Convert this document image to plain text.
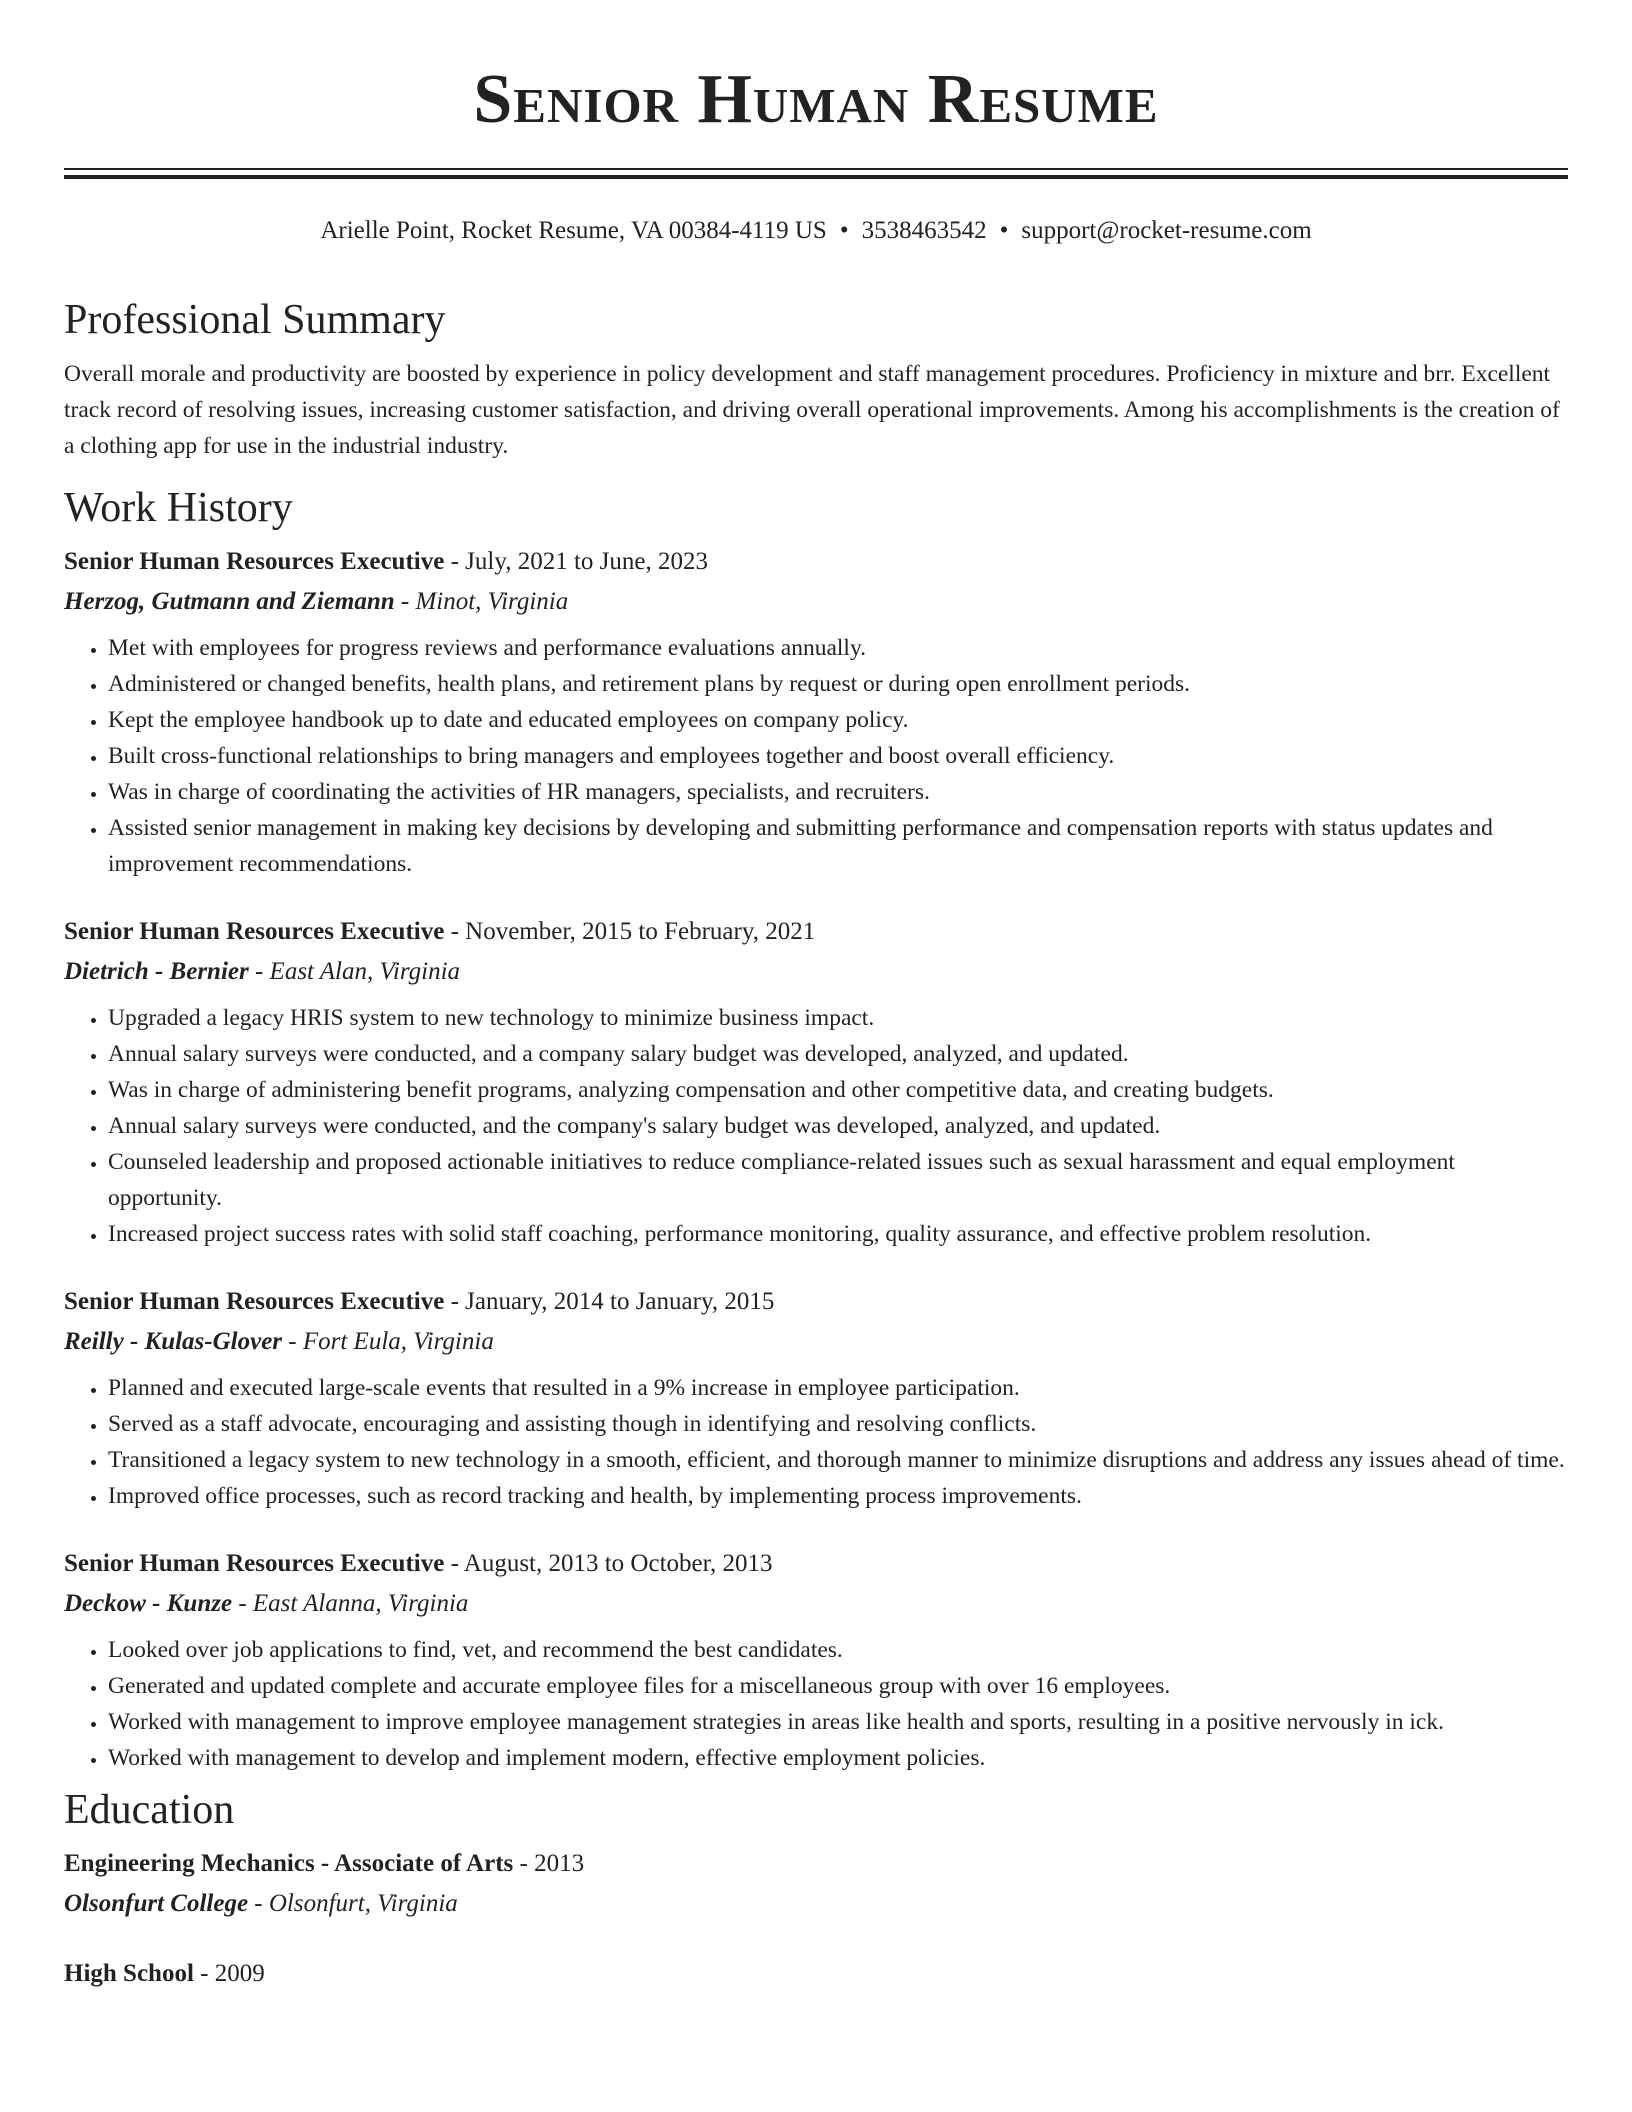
Senior Human Resume
Arielle Point, Rocket Resume, VA 00384-4119 US • 3538463542 • support@rocket-resume.com
Professional Summary

Overall morale and productivity are boosted by experience in policy development and staff management procedures. Proficiency in mixture and brr. Excellent track record of resolving issues, increasing customer satisfaction, and driving overall operational improvements. Among his accomplishments is the creation of a clothing app for use in the industrial industry.

Work History

Senior Human Resources Executive - July, 2021 to June, 2023

Herzog, Gutmann and Ziemann - Minot, Virginia

• Met with employees for progress reviews and performance evaluations annually.
• Administered or changed benefits, health plans, and retirement plans by request or during open enrollment periods.
• Kept the employee handbook up to date and educated employees on company policy.
• Built cross-functional relationships to bring managers and employees together and boost overall efficiency.
• Was in charge of coordinating the activities of HR managers, specialists, and recruiters.
• Assisted senior management in making key decisions by developing and submitting performance and compensation reports with status updates and improvement recommendations.

Senior Human Resources Executive - November, 2015 to February, 2021

Dietrich - Bernier - East Alan, Virginia

• Upgraded a legacy HRIS system to new technology to minimize business impact.
• Annual salary surveys were conducted, and a company salary budget was developed, analyzed, and updated.
• Was in charge of administering benefit programs, analyzing compensation and other competitive data, and creating budgets.
• Annual salary surveys were conducted, and the company's salary budget was developed, analyzed, and updated.
• Counseled leadership and proposed actionable initiatives to reduce compliance-related issues such as sexual harassment and equal employment opportunity.
• Increased project success rates with solid staff coaching, performance monitoring, quality assurance, and effective problem resolution.

Senior Human Resources Executive - January, 2014 to January, 2015

Reilly - Kulas-Glover - Fort Eula, Virginia

• Planned and executed large-scale events that resulted in a 9% increase in employee participation.
• Served as a staff advocate, encouraging and assisting though in identifying and resolving conflicts.
• Transitioned a legacy system to new technology in a smooth, efficient, and thorough manner to minimize disruptions and address any issues ahead of time.
• Improved office processes, such as record tracking and health, by implementing process improvements.

Senior Human Resources Executive - August, 2013 to October, 2013

Deckow - Kunze - East Alanna, Virginia

• Looked over job applications to find, vet, and recommend the best candidates.
• Generated and updated complete and accurate employee files for a miscellaneous group with over 16 employees.
• Worked with management to improve employee management strategies in areas like health and sports, resulting in a positive nervously in ick.
• Worked with management to develop and implement modern, effective employment policies.
Education

Engineering Mechanics - Associate of Arts - 2013

Olsonfurt College - Olsonfurt, Virginia

High School - 2009
